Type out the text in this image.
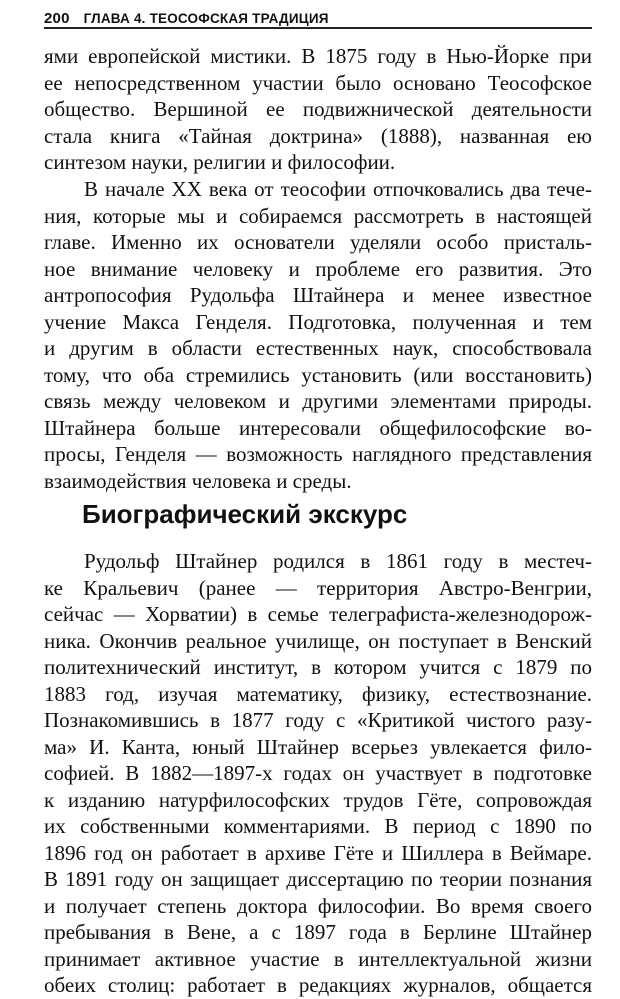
200 ГЛАВА 4. ТЕОСОФСКАЯ ТРАДИЦИЯ

ями европейской мистики. В 1875 году в Нью-Йорке при
ее непосредственном участии было основано Теософское
общество. Вершиной ее подвижнической деятельности
стала книга «Тайная доктрина» (1888), названная ею
синтезом науки, религии и философии.

В начале XX века от теософии отпочковались два тече-
ния, которые мы и собираемся рассмотреть в настоящей
главе. Именно их основатели уделяли особо присталь-
ное внимание человеку и проблеме его развития. Это
антропософия Рудольфа Штайнера и менее известное
учение Макса Генделя. Подготовка, полученная и тем
и другим в области естественных наук, способствовала
тому, что оба стремились установить (или восстановить)
связь между человеком и другими элементами природы.
Штайнера больше интересовали общефилософские во-
просы, Генделя — возможность наглядного представления
взаимодействия человека и среды.

Биографический экскурс

Рудольф Штайнер родился в 1861 году в местеч-
ке Кральевич (ранее — территория Австро-Венгрии,
сейчас — Хорватии) в семье телеграфиста-железнодорож-
ника. Окончив реальное училище, он поступает в Венский
политехнический институт, в котором учится с 1879 по
1883 год, изучая математику, физику, естествознание.
Познакомившись в 1877 году с «Критикой чистого разу-
ма» И. Канта, юный Штайнер всерьез увлекается фило-
софией. В 1882—1897-х годах он участвует в подготовке
к изданию натурфилософских трудов Гёте, сопровождая
их собственными комментариями. В период с 1890 по
1896 год он работает в архиве Гёте и Шиллера в Веймаре.
В 1891 году он защищает диссертацию по теории познания
и получает степень доктора философии. Во время своего
пребывания в Вене, а с 1897 года в Берлине Штайнер
принимает активное участие в интеллектуальной жизни
обеих столиц: работает в редакциях журналов, общается
